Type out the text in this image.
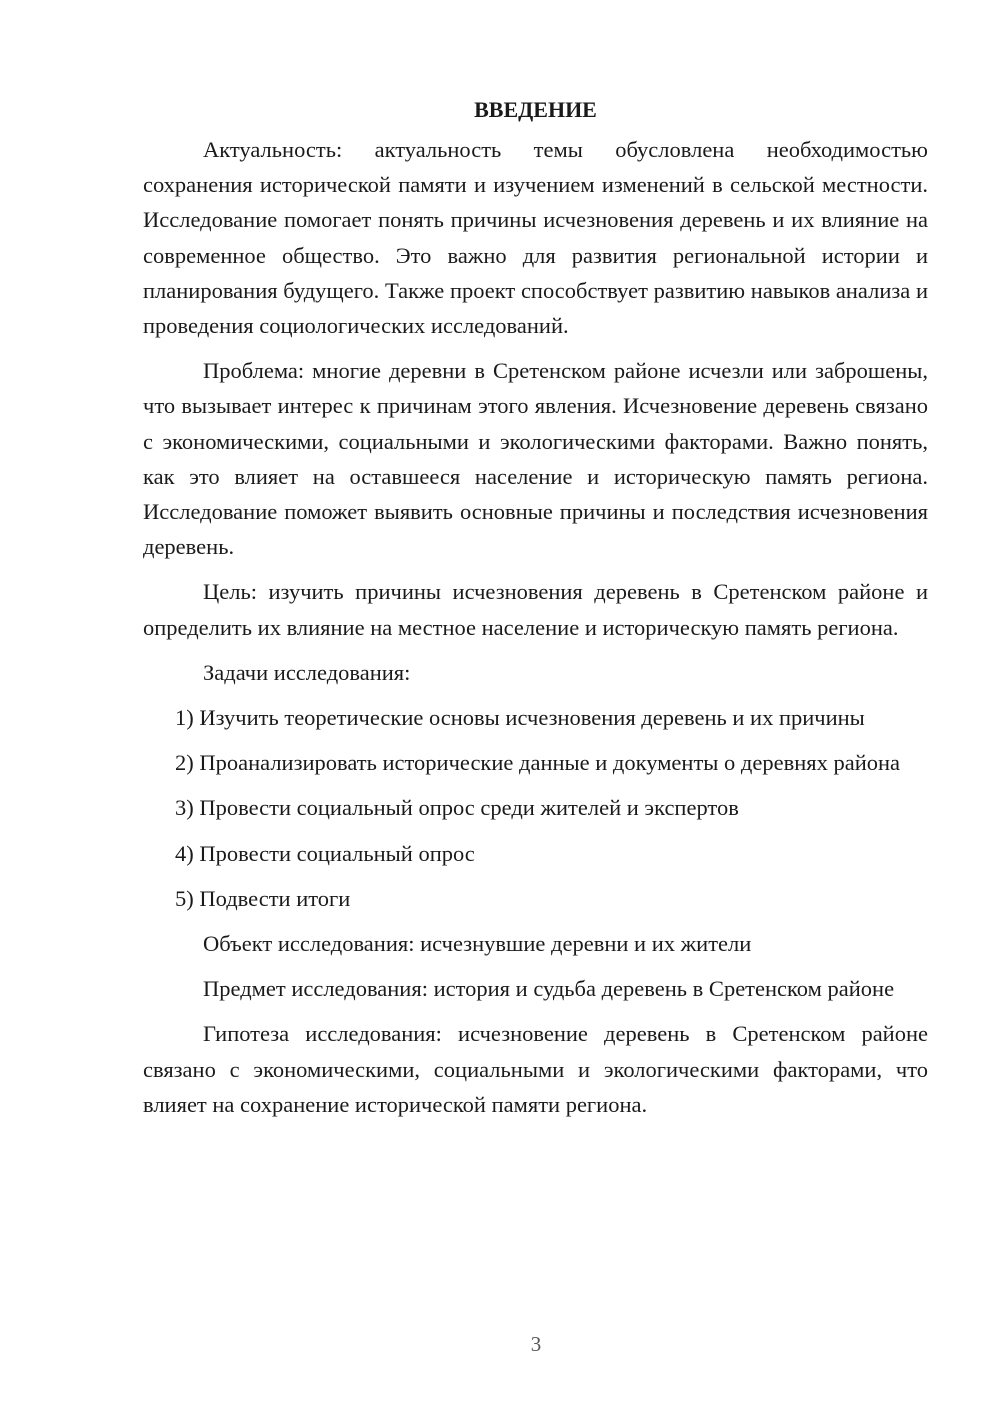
ВВЕДЕНИЕ

Актуальность: актуальность темы обусловлена необходимостью сохранения исторической памяти и изучением изменений в сельской местности. Исследование помогает понять причины исчезновения деревень и их влияние на современное общество. Это важно для развития региональной истории и планирования будущего. Также проект способствует развитию навыков анализа и проведения социологических исследований.

Проблема: многие деревни в Сретенском районе исчезли или заброшены, что вызывает интерес к причинам этого явления. Исчезновение деревень связано с экономическими, социальными и экологическими факторами. Важно понять, как это влияет на оставшееся население и историческую память региона. Исследование поможет выявить основные причины и последствия исчезновения деревень.

Цель: изучить причины исчезновения деревень в Сретенском районе и определить их влияние на местное население и историческую память региона.

Задачи исследования:

1) Изучить теоретические основы исчезновения деревень и их причины

2) Проанализировать исторические данные и документы о деревнях района

3) Провести социальный опрос среди жителей и экспертов

4) Провести социальный опрос

5) Подвести итоги

Объект исследования: исчезнувшие деревни и их жители

Предмет исследования: история и судьба деревень в Сретенском районе

Гипотеза исследования: исчезновение деревень в Сретенском районе связано с экономическими, социальными и экологическими факторами, что влияет на сохранение исторической памяти региона.

3
